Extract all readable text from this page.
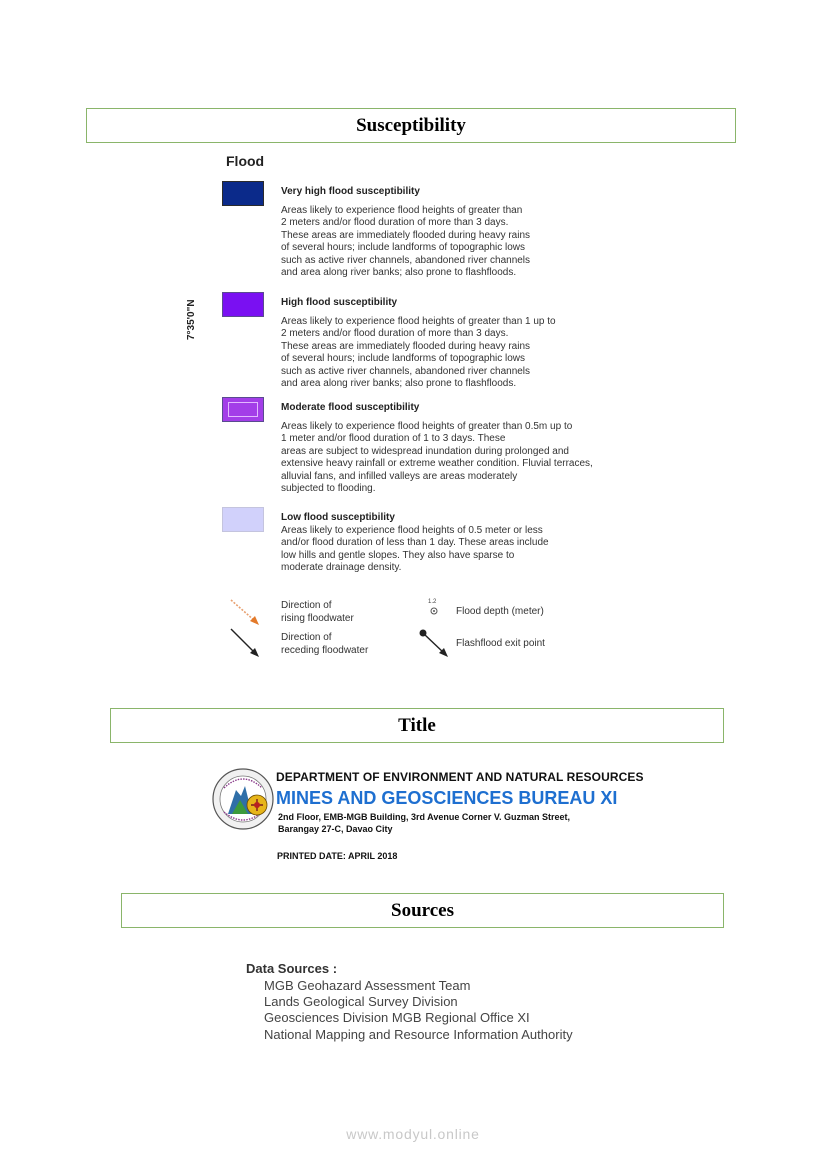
Susceptibility
Flood
7°35'0"N
Very high flood susceptibility
Areas likely to experience flood heights of greater than
2 meters and/or flood duration of more than 3 days.
These areas are immediately flooded during heavy rains
of several hours; include landforms of topographic lows
such as active river channels, abandoned river channels
and area along river banks; also prone to flashfloods.
High flood susceptibility
Areas likely to experience flood heights of greater than 1 up to
2 meters and/or flood duration of more than 3 days.
These areas are immediately flooded during heavy rains
of several hours; include landforms of topographic lows
such as active river channels, abandoned river channels
and area along river banks; also prone to flashfloods.
Moderate flood susceptibility
Areas likely to experience flood heights of greater than 0.5m up to
1 meter and/or flood duration of 1 to 3 days. These
areas are subject to widespread inundation during prolonged and
extensive heavy rainfall or extreme weather condition. Fluvial terraces,
alluvial fans, and infilled valleys are areas moderately
subjected to flooding.
Low flood susceptibility
Areas likely to experience flood heights of 0.5 meter or less
and/or flood duration of less than 1 day. These areas include
low hills and gentle slopes. They also have sparse to
moderate drainage density.
Direction of
rising floodwater
Direction of
receding floodwater
1.2
Flood depth (meter)
Flashflood exit point
Title
DEPARTMENT OF ENVIRONMENT AND NATURAL RESOURCES
MINES AND GEOSCIENCES BUREAU XI
2nd Floor, EMB-MGB Building, 3rd Avenue Corner V. Guzman Street,
Barangay 27-C, Davao City
PRINTED DATE: APRIL 2018
Sources
Data Sources :
MGB Geohazard Assessment Team
Lands Geological Survey Division
Geosciences Division MGB Regional Office XI
National Mapping and Resource Information Authority
www.modyul.online
